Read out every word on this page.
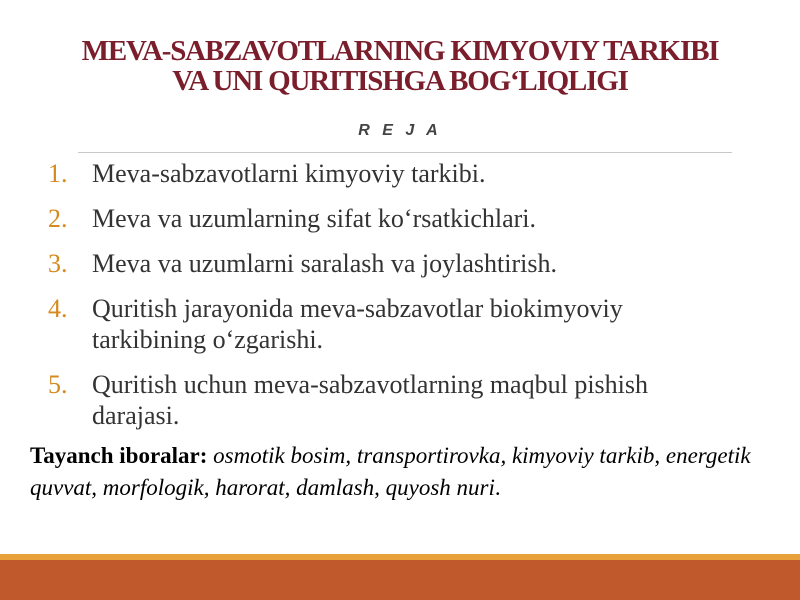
MEVA-SABZAVOTLARNING KIMYOVIY TARKIBI
VA UNI QURITISHGA BOG‘LIQLIGI
R E J A
1. Meva-sabzavotlarni kimyoviy tarkibi.
2. Meva va uzumlarning sifat ko‘rsatkichlari.
3. Meva va uzumlarni saralash va joylashtirish.
4. Quritish jarayonida meva-sabzavotlar biokimyoviy tarkibining o‘zgarishi.
5. Quritish uchun meva-sabzavotlarning maqbul pishish darajasi.

Tayanch iboralar: osmotik bosim, transportirovka, kimyoviy tarkib, energetik quvvat, morfologik, harorat, damlash, quyosh nuri.
